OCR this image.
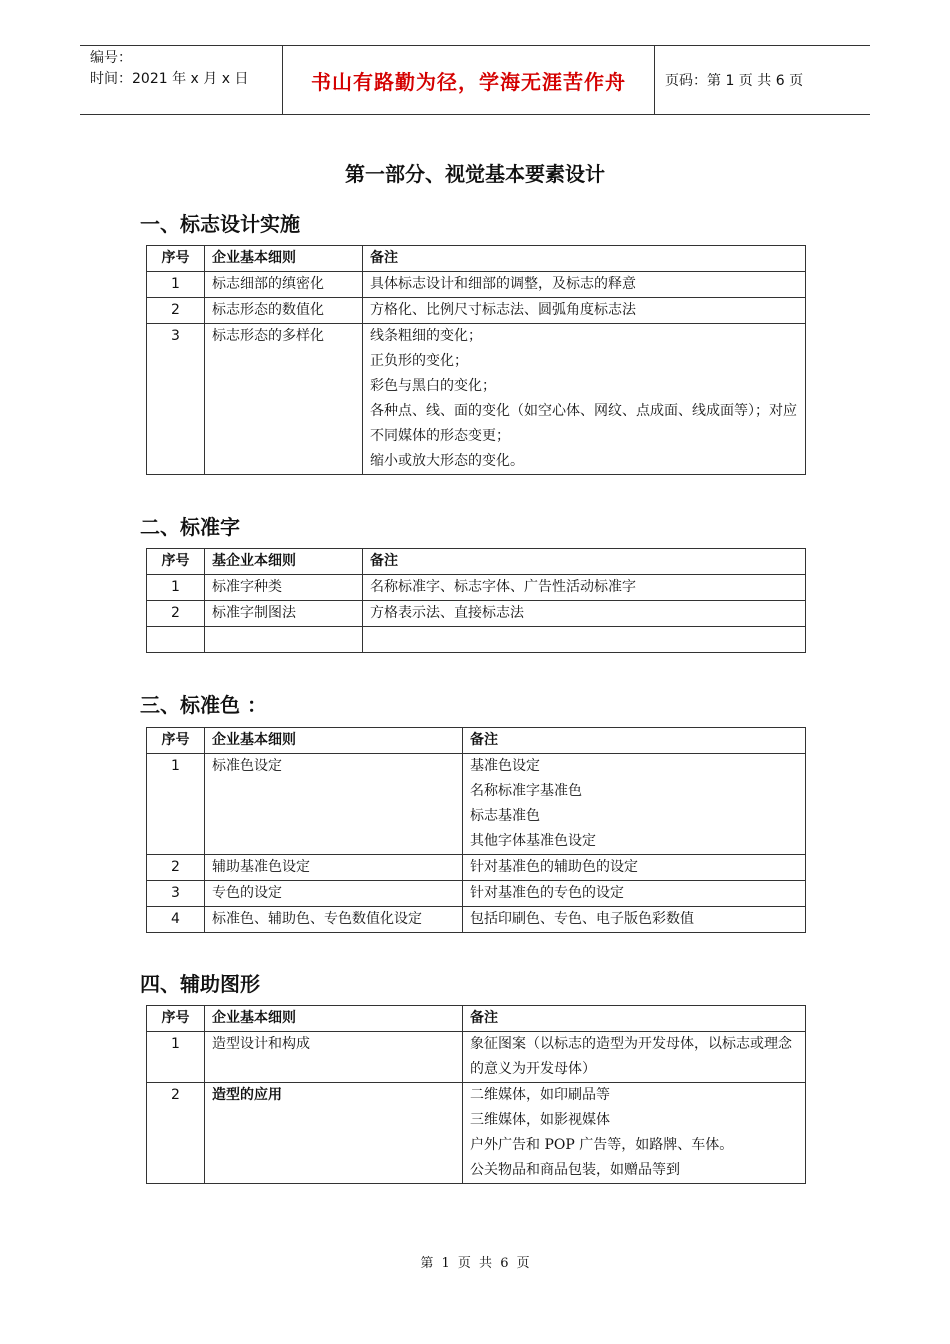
编号：
时间：2021 年 x 月 x 日	书山有路勤为径，学海无涯苦作舟	页码：第 1 页 共 6 页
第一部分、视觉基本要素设计
一、标志设计实施
序号	企业基本细则	备注
1	标志细部的缜密化	具体标志设计和细部的调整，及标志的释意

2	标志形态的数值化	方格化、比例尺寸标志法、圆弧角度标志法

3	标志形态的多样化	线条粗细的变化；
正负形的变化；
彩色与黑白的变化；
各种点、线、面的变化（如空心体、网纹、点成面、线成面等）；对应不同媒体的形态变更；
缩小或放大形态的变化。
二、标准字
序号	基企业本细则	备注
1	标准字种类	名称标准字、标志字体、广告性活动标准字

2	标准字制图法	方格表示法、直接标志法

三、标准色 ：
序号	企业基本细则	备注
1	标准色设定	基准色设定
名称标准字基准色
标志基准色
其他字体基准色设定

2	辅助基准色设定	针对基准色的辅助色的设定

3	专色的设定	针对基准色的专色的设定

4	标准色、辅助色、专色数值化设定	包括印刷色、专色、电子版色彩数值
四、辅助图形
序号	企业基本细则	备注
1	造型设计和构成	象征图案（以标志的造型为开发母体，以标志或理念的意义为开发母体）

2	造型的应用	二维媒体，如印刷品等
三维媒体，如影视媒体
户外广告和 POP 广告等，如路牌、车体。
公关物品和商品包装，如赠品等到
第 1 页 共 6 页
